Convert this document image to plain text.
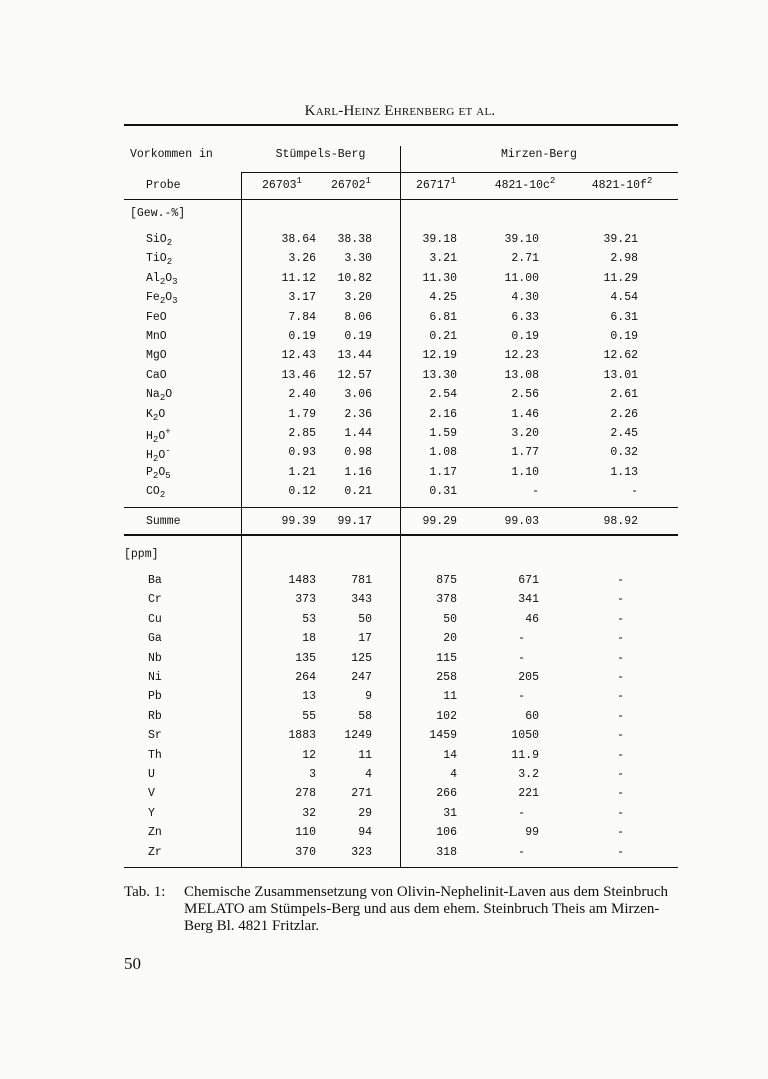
Karl-Heinz Ehrenberg et al.
Vorkommen in	Stümpels-Berg	Mirzen-Berg
Probe	26703$^1$	26702$^1$	26717$^1$	$4821-10c^2$	$4821-10f^2$
[Gew.-%]
SiO$_2$	38.64	38.38	39.18	39.10	39.21
TiO$_2$	3.26	3.30	3.21	2.71	2.98
$Al_2O_3$	11.12	10.82	11.30	11.00	11.29
$Fe_2O_3$	3.17	3.20	4.25	4.30	4.54
FeO	7.84	8.06	6.81	6.33	6.31
MnO	0.19	0.19	0.21	0.19	0.19
MgO	12.43	13.44	12.19	12.23	12.62
CaO	13.46	12.57	13.30	13.08	13.01
$Na_2O$	2.40	3.06	2.54	2.56	2.61
$K_2O$	1.79	2.36	2.16	1.46	2.26
$H_2O^+$	2.85	1.44	1.59	3.20	2.45
$H_2O^-$	0.93	0.98	1.08	1.77	0.32
$P_2O_5$	1.21	1.16	1.17	1.10	1.13
$CO_2$	0.12	0.21	0.31	-	-
Summe	99.39	99.17	99.29	99.03	98.92
[ppm]
Ba	1483	781	875	671	-
Cr	373	343	378	341	-
Cu	53	50	50	46	-
Ga	18	17	20	-	-
Nb	135	125	115	-	-
Ni	264	247	258	205	-
Pb	13	9	11	-	-
Rb	55	58	102	60	-
Sr	1883	1249	1459	1050	-
Th	12	11	14	11.9	-
U	3	4	4	3.2	-
V	278	271	266	221	-
Y	32	29	31	-	-
Zn	110	94	106	99	-
Zr	370	323	318	-	-
Tab. 1: Chemische Zusammensetzung von Olivin-Nephelinit-Laven aus dem Steinbruch MELATO am Stümpels-Berg und aus dem ehem. Steinbruch Theis am Mirzen-Berg Bl. 4821 Fritzlar.
50
